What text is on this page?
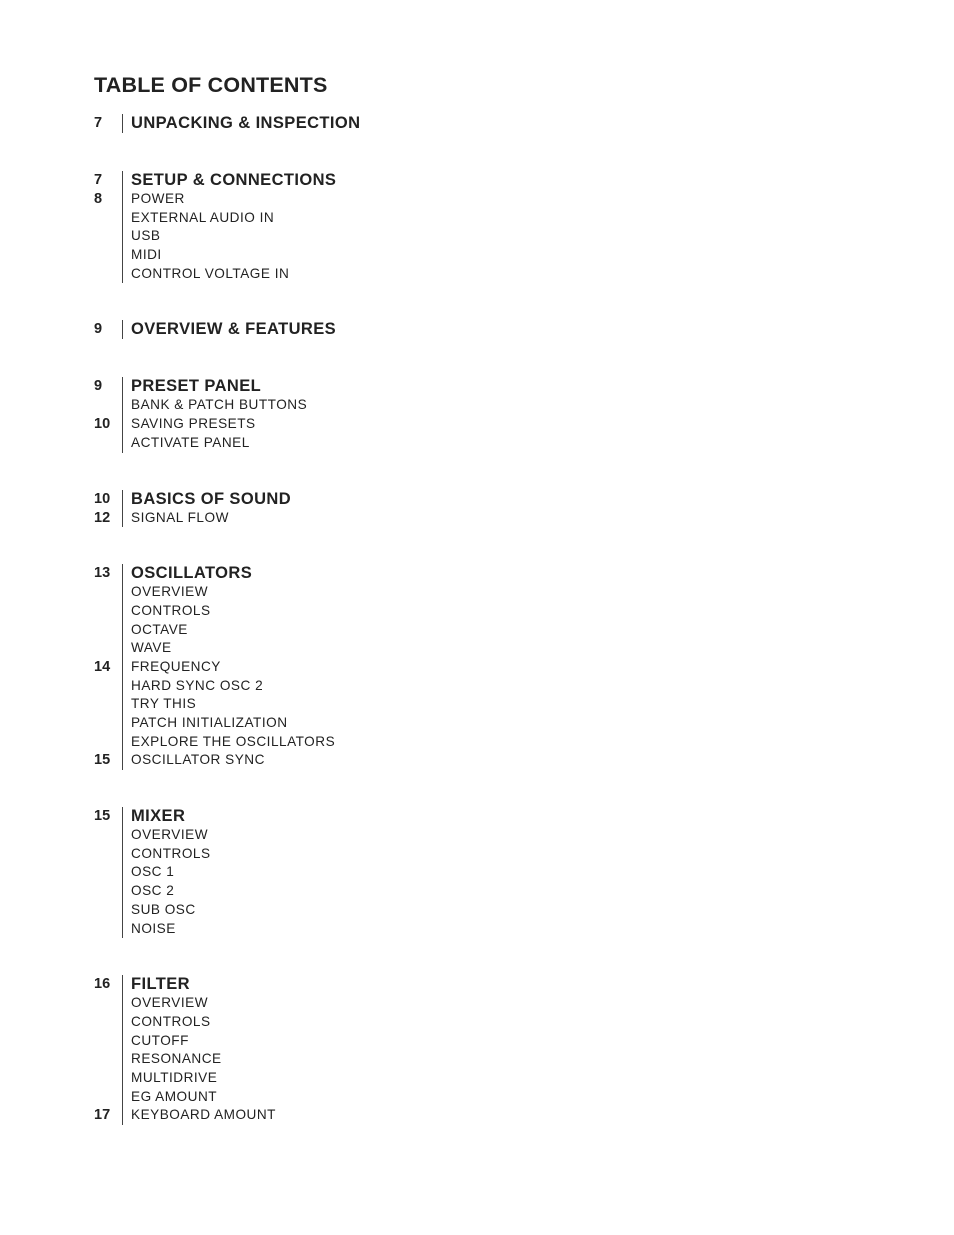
TABLE OF CONTENTS
7	UNPACKING & INSPECTION
7	SETUP & CONNECTIONS
8	POWER
EXTERNAL AUDIO IN
USB
MIDI
CONTROL VOLTAGE IN
9	OVERVIEW & FEATURES
9	PRESET PANEL
BANK & PATCH BUTTONS
10	SAVING PRESETS
ACTIVATE PANEL
10	BASICS OF SOUND
12	SIGNAL FLOW
13	OSCILLATORS
OVERVIEW
CONTROLS
OCTAVE
WAVE
14	FREQUENCY
HARD SYNC OSC 2
TRY THIS
PATCH INITIALIZATION
EXPLORE THE OSCILLATORS
15	OSCILLATOR SYNC
15	MIXER
OVERVIEW
CONTROLS
OSC 1
OSC 2
SUB OSC
NOISE
16	FILTER
OVERVIEW
CONTROLS
CUTOFF
RESONANCE
MULTIDRIVE
EG AMOUNT
17	KEYBOARD AMOUNT
